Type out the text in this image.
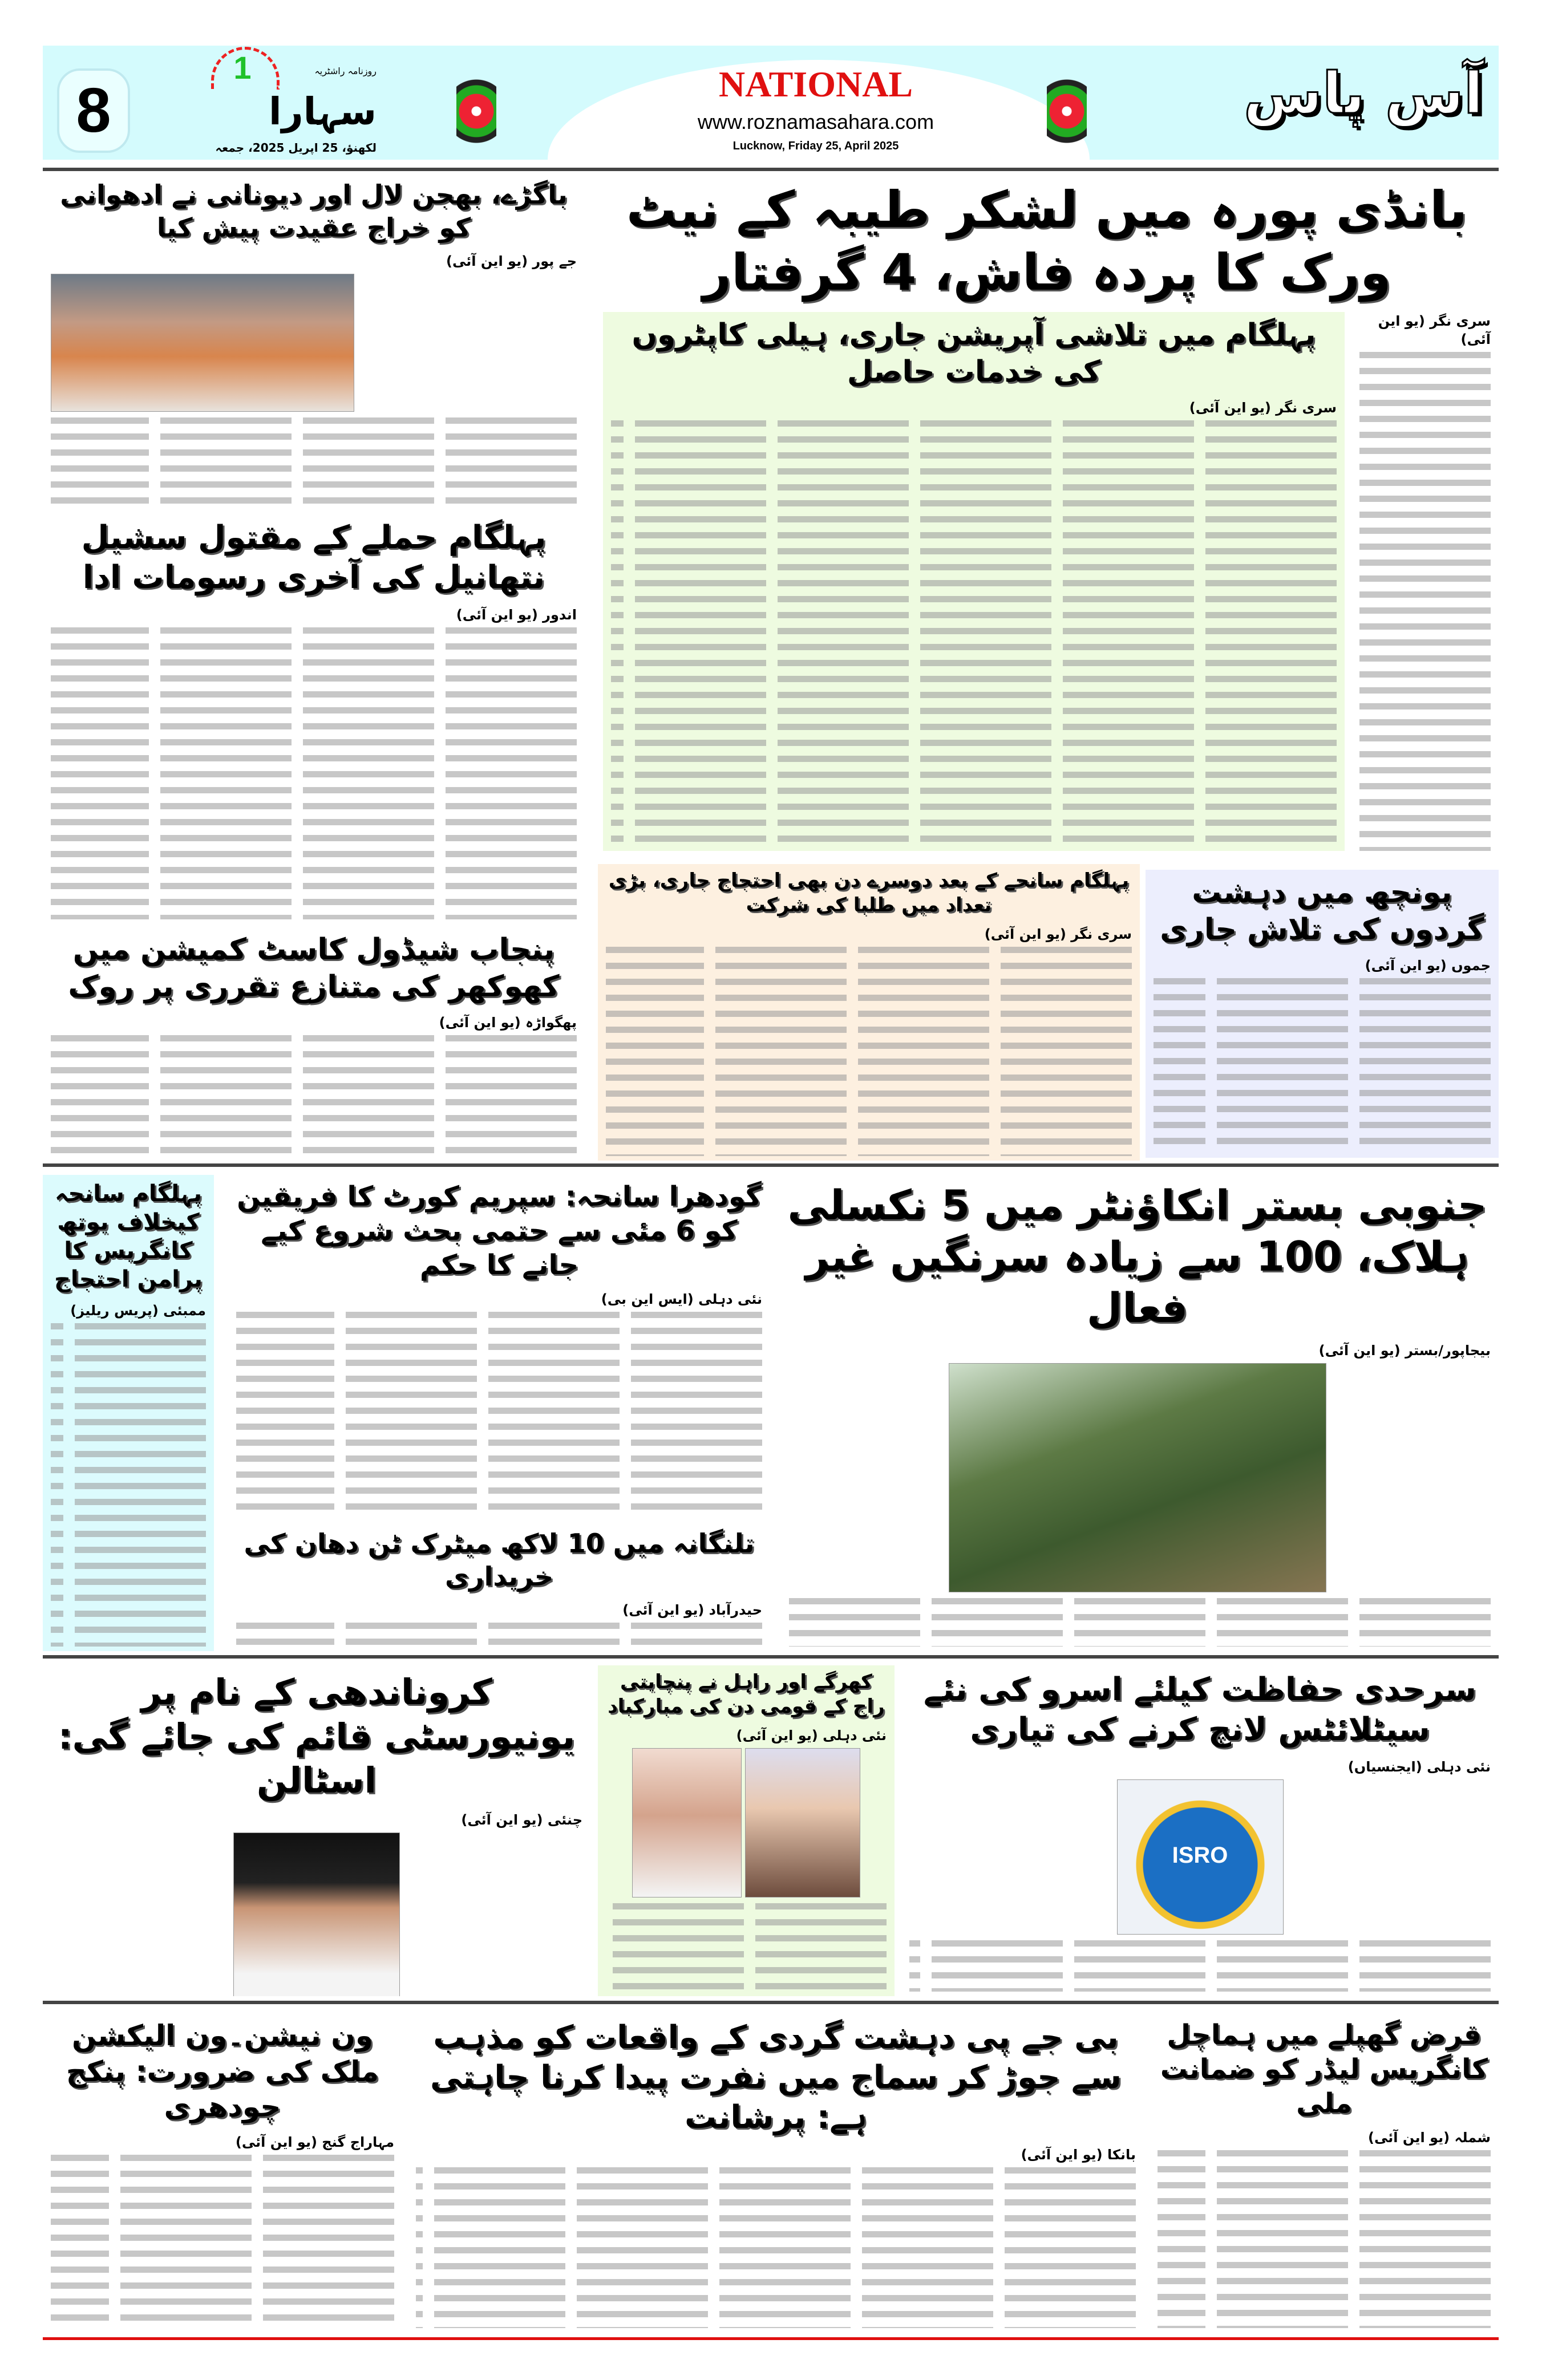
8
1	روزنامہ راشٹریہ
سہارا
لکھنؤ، 25 اپریل 2025، جمعہ
NATIONAL
www.roznamasahara.com
Lucknow, Friday 25, April 2025
آس پاس
بانڈی پورہ میں لشکر طیبہ کے نیٹ ورک کا پردہ فاش، 4 گرفتار
سری نگر (یو این آئی)
پہلگام میں تلاشی آپریشن جاری، ہیلی کاپٹروں کی خدمات حاصل
سری نگر (یو این آئی)
باگڑے، بھجن لال اور دیونانی نے ادھوانی کو خراج عقیدت پیش کیا
جے پور (یو این آئی)
پہلگام حملے کے مقتول سشیل نتھانیل کی آخری رسومات ادا
اندور (یو این آئی)
پنجاب شیڈول کاسٹ کمیشن میں کھوکھر کی متنازع تقرری پر روک
پھگواڑہ (یو این آئی)
پہلگام سانحے کے بعد دوسرے دن بھی احتجاج جاری، بڑی تعداد میں طلبا کی شرکت
سری نگر (یو این آئی)
پونچھ میں دہشت گردوں کی تلاش جاری
جموں (یو این آئی)
جنوبی بستر انکاؤنٹر میں 5 نکسلی ہلاک، 100 سے زیادہ سرنگیں غیر فعال
بیجاپور/بستر (یو این آئی)
گودھرا سانحہ: سپریم کورٹ کا فریقین کو 6 مئی سے حتمی بحث شروع کیے جانے کا حکم
نئی دہلی (ایس این بی)
تلنگانہ میں 10 لاکھ میٹرک ٹن دھان کی خریداری
حیدرآباد (یو این آئی)
پہلگام سانحہ کیخلاف یوتھ کانگریس کا پرامن احتجاج
ممبئی (پریس ریلیز)
سرحدی حفاظت کیلئے اسرو کی نئے سیٹلائٹس لانچ کرنے کی تیاری
نئی دہلی (ایجنسیاں)
ISRO
کھرگے اور راہل نے پنچایتی راج کے قومی دن کی مبارکباد
نئی دہلی (یو این آئی)
کروناندھی کے نام پر یونیورسٹی قائم کی جائے گی: اسٹالن
چنئی (یو این آئی)
قرض گھپلے میں ہماچل کانگریس لیڈر کو ضمانت ملی
شملہ (یو این آئی)
بی جے پی دہشت گردی کے واقعات کو مذہب سے جوڑ کر سماج میں نفرت پیدا کرنا چاہتی ہے: پرشانت
بانکا (یو این آئی)
ون نیشن۔ون الیکشن ملک کی ضرورت: پنکج چودھری
مہاراج گنج (یو این آئی)
